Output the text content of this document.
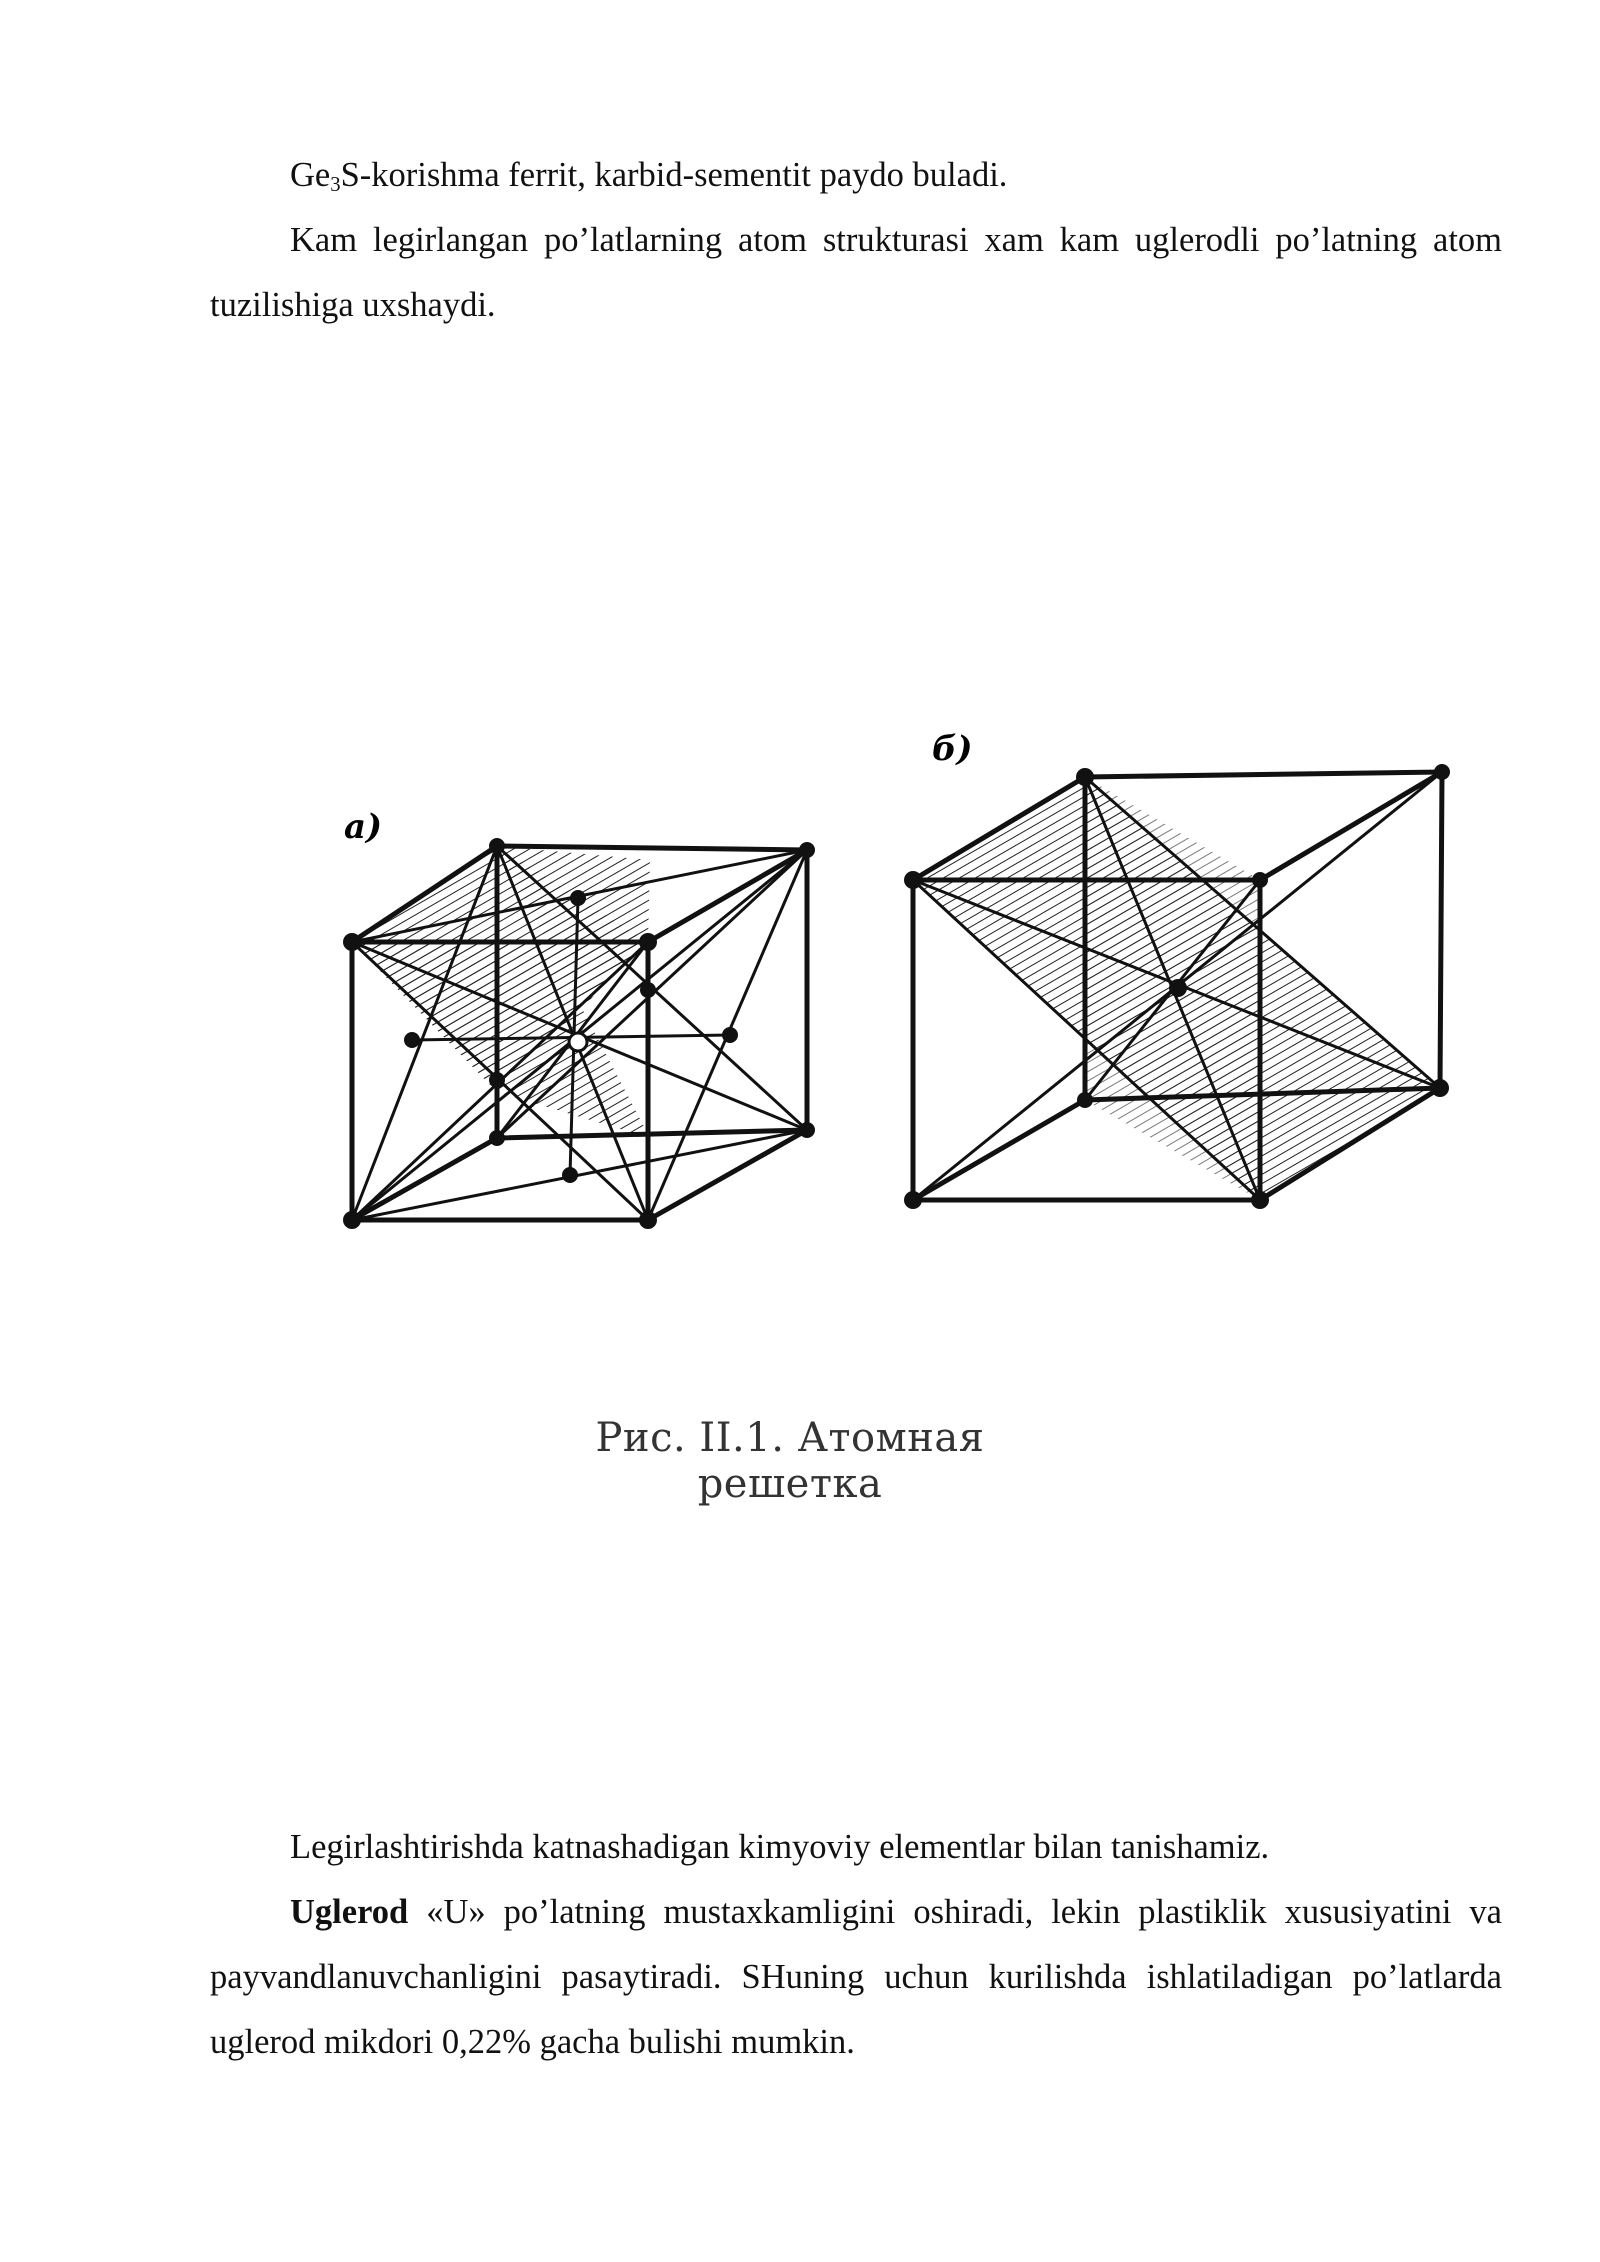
$Ge_3S$-korishma ferrit, karbid-sementit paydo buladi.

Kam legirlangan po’latlarning atom strukturasi xam kam uglerodli po’latning atom tuzilishiga uxshaydi.

a)
б)
Рис. II.1. Атомная решетка

Legirlashtirishda katnashadigan kimyoviy elementlar bilan tanishamiz.

Uglerod «U» po’latning mustaxkamligini oshiradi, lekin plastiklik xususiyatini va payvandlanuvchanligini pasaytiradi. SHuning uchun kurilishda ishlatiladigan po’latlarda uglerod mikdori 0,22% gacha bulishi mumkin.
